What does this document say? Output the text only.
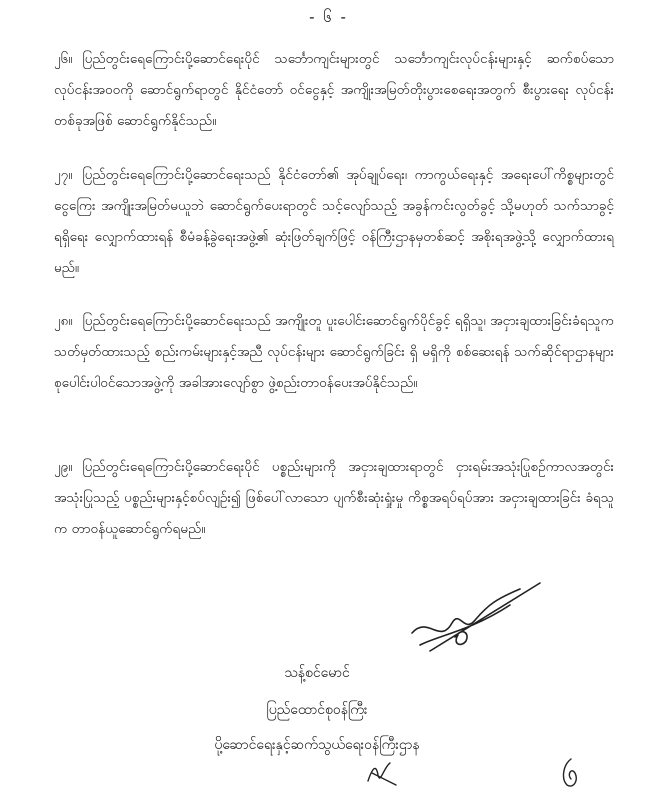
- ၆ -
၂၆။ ပြည်တွင်းရေကြောင်းပို့ဆောင်ရေးပိုင် သင်္ဘောကျင်းများတွင် သင်္ဘောကျင်းလုပ်ငန်းများနှင့် ဆက်စပ်သော လုပ်ငန်းအဝဝကို ဆောင်ရွက်ရာတွင် နိုင်ငံတော် ဝင်ငွေနှင့် အကျိုးအမြတ်တိုးပွားစေရေးအတွက် စီးပွားရေး လုပ်ငန်းတစ်ခုအဖြစ် ဆောင်ရွက်နိုင်သည်။
၂၇။ ပြည်တွင်းရေကြောင်းပို့ဆောင်ရေးသည် နိုင်ငံတော်၏ အုပ်ချုပ်ရေး၊ ကာကွယ်ရေးနှင့် အရေးပေါ်ကိစ္စများတွင် ငွေကြေး အကျိုးအမြတ်မယူဘဲ ဆောင်ရွက်ပေးရာတွင် သင့်လျော်သည့် အခွန်ကင်းလွတ်ခွင့် သို့မဟုတ် သက်သာခွင့်ရရှိရေး လျှောက်ထားရန် စီမံခန့်ခွဲရေးအဖွဲ့၏ ဆုံးဖြတ်ချက်ဖြင့် ဝန်ကြီးဌာနမှတစ်ဆင့် အစိုးရအဖွဲ့သို့ လျှောက်ထားရမည်။
၂၈။ ပြည်တွင်းရေကြောင်းပို့ဆောင်ရေးသည် အကျိုးတူ ပူးပေါင်းဆောင်ရွက်ပိုင်ခွင့် ရရှိသူ၊ အငှားချထားခြင်းခံရသူက သတ်မှတ်ထားသည့် စည်းကမ်းများနှင့်အညီ လုပ်ငန်းများ ဆောင်ရွက်ခြင်း ရှိ မရှိကို စစ်ဆေးရန် သက်ဆိုင်ရာဌာနများ စုပေါင်းပါဝင်သောအဖွဲ့ကို အခါအားလျော်စွာ ဖွဲ့စည်းတာဝန်ပေးအပ်နိုင်သည်။
၂၉။ ပြည်တွင်းရေကြောင်းပို့ဆောင်ရေးပိုင် ပစ္စည်းများကို အငှားချထားရာတွင် ငှားရမ်းအသုံးပြုစဉ်ကာလအတွင်း အသုံးပြုသည့် ပစ္စည်းများနှင့်စပ်လျဉ်း၍ ဖြစ်ပေါ်လာသော ပျက်စီးဆုံးရှုံးမှု ကိစ္စအရပ်ရပ်အား အငှားချထားခြင်း ခံရသူက တာဝန်ယူဆောင်ရွက်ရမည်။
သန့်စင်မောင်
ပြည်ထောင်စုဝန်ကြီး
ပို့ဆောင်ရေးနှင့်ဆက်သွယ်ရေးဝန်ကြီးဌာန
